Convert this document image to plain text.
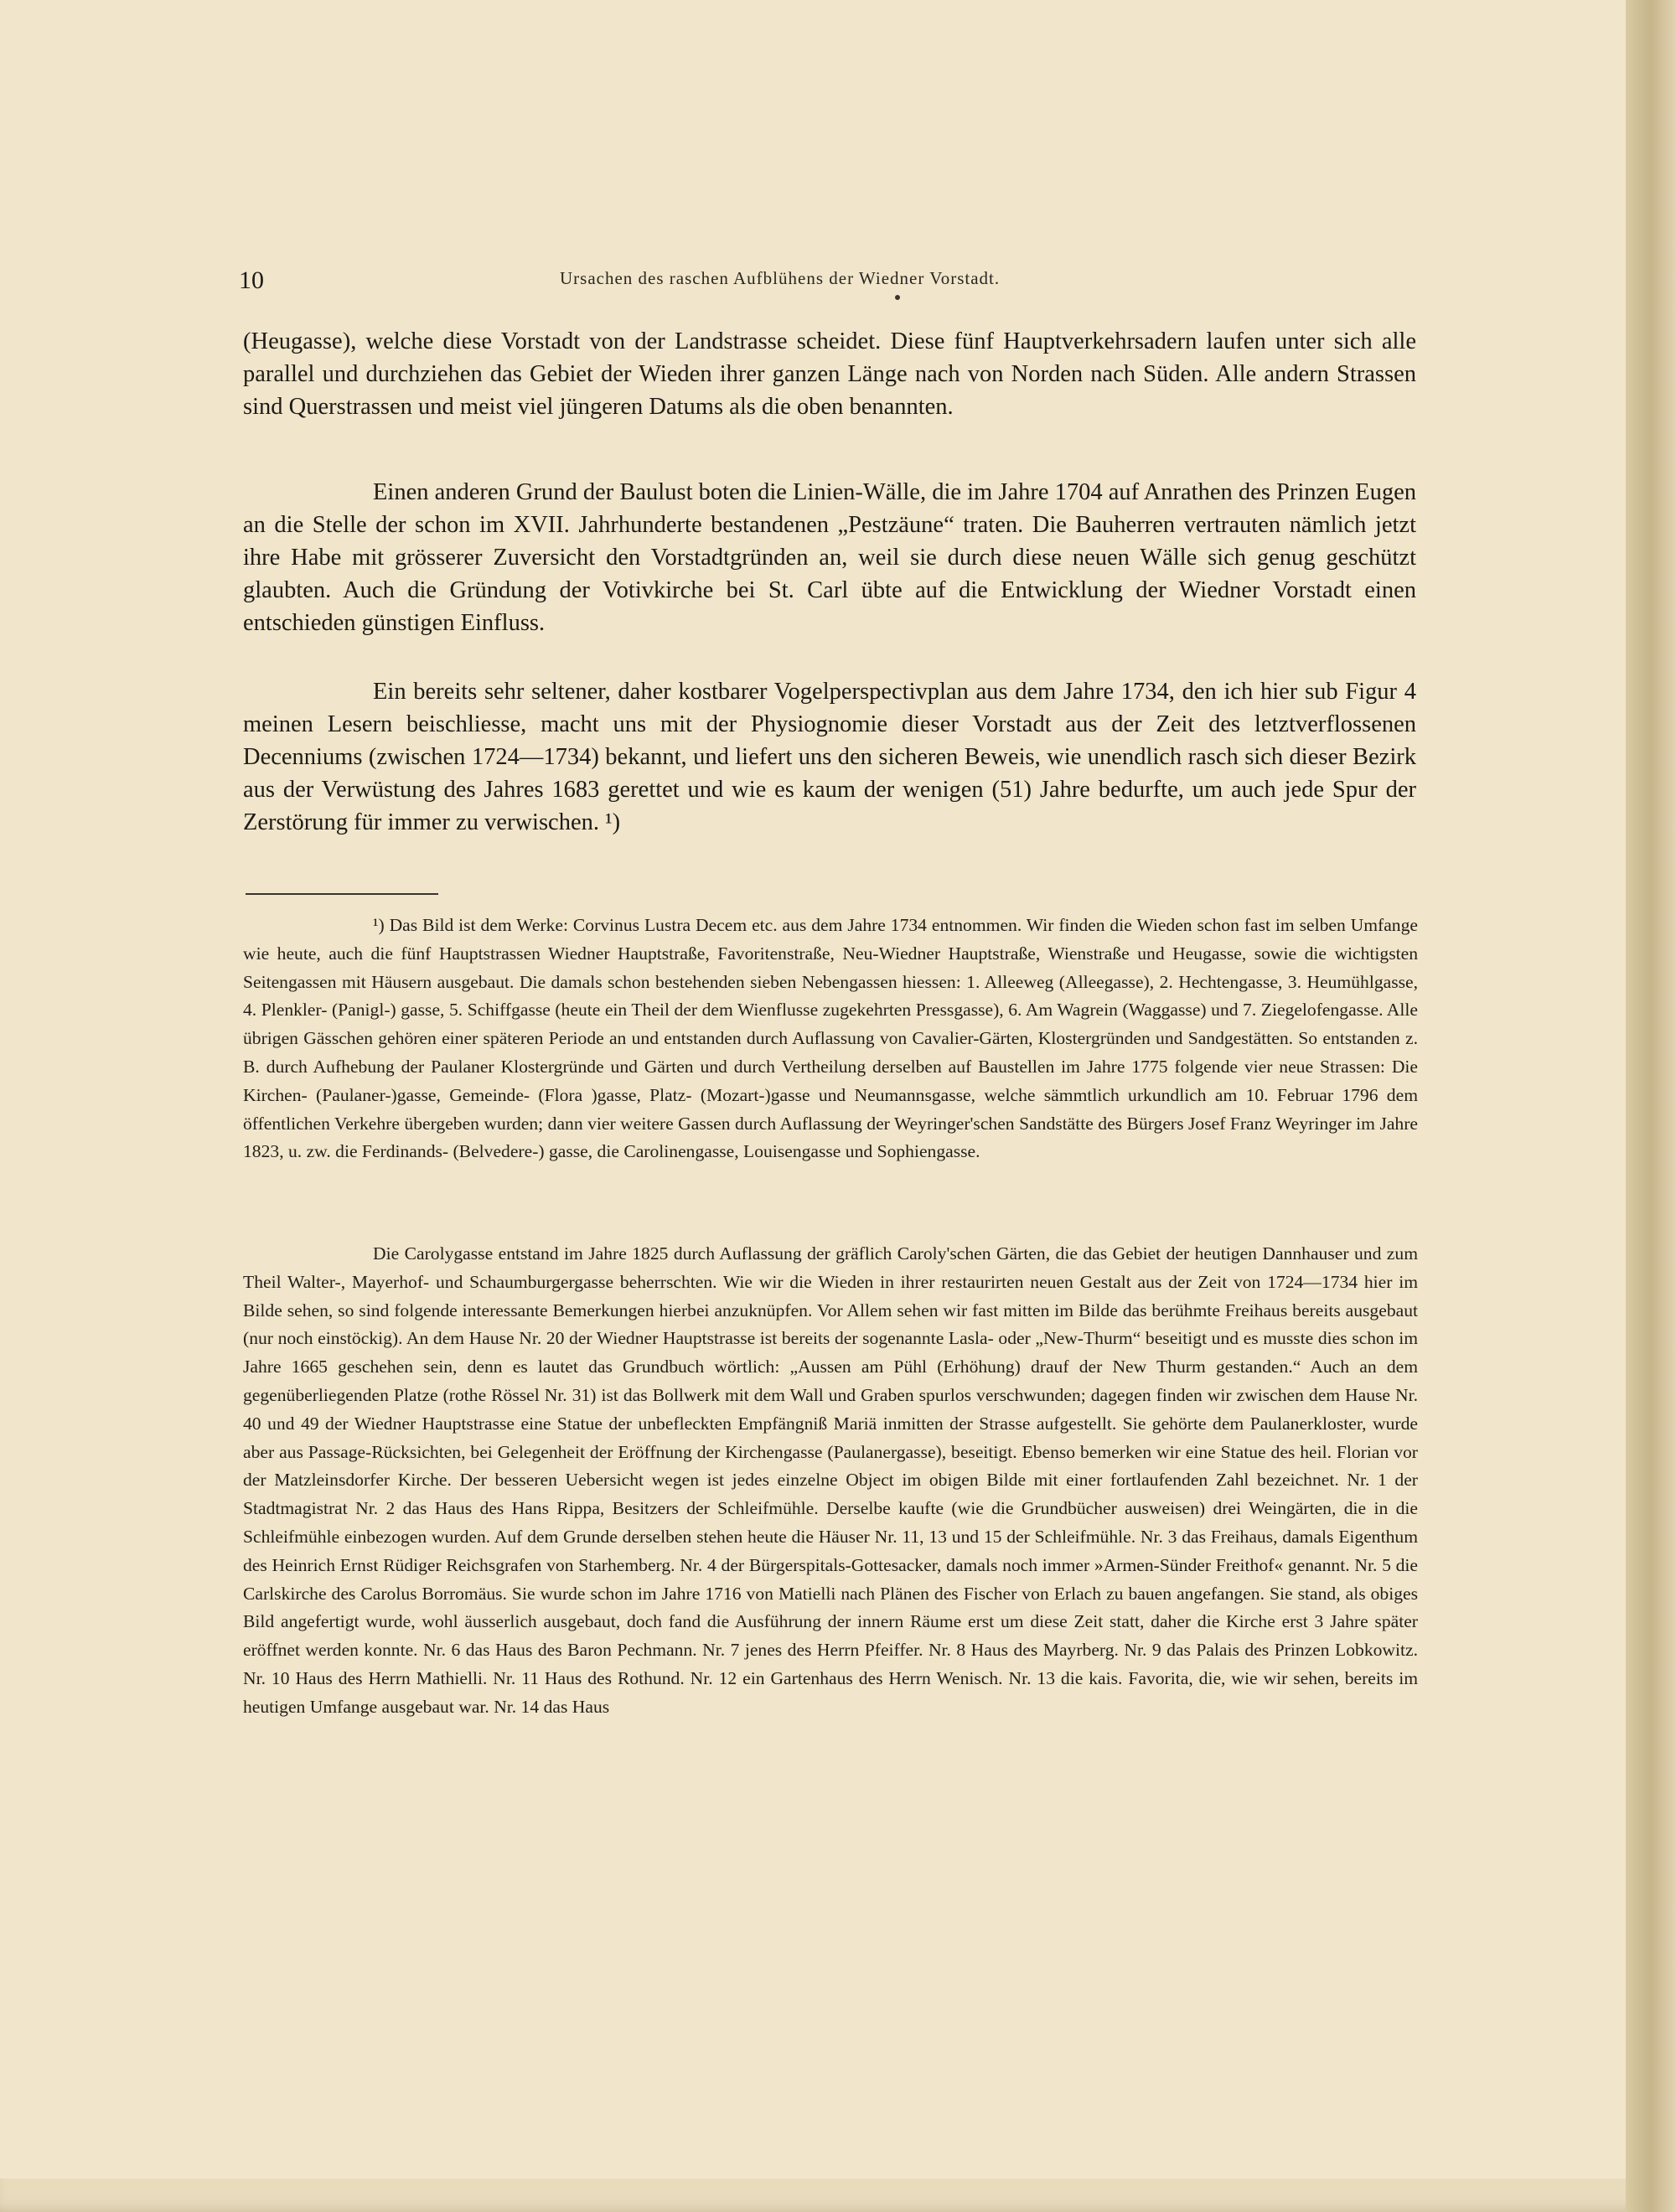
10	Ursachen des raschen Aufblühens der Wiedner Vorstadt.

(Heugasse), welche diese Vorstadt von der Landstrasse scheidet. Diese fünf Hauptverkehrsadern laufen unter sich alle parallel und durchziehen das Gebiet der Wieden ihrer ganzen Länge nach von Norden nach Süden. Alle andern Strassen sind Querstrassen und meist viel jüngeren Datums als die oben benannten.

Einen anderen Grund der Baulust boten die Linien-Wälle, die im Jahre 1704 auf Anrathen des Prinzen Eugen an die Stelle der schon im XVII. Jahrhunderte bestandenen „Pestzäune“ traten. Die Bauherren vertrauten nämlich jetzt ihre Habe mit grösserer Zuversicht den Vorstadtgründen an, weil sie durch diese neuen Wälle sich genug geschützt glaubten. Auch die Gründung der Votivkirche bei St. Carl übte auf die Entwicklung der Wiedner Vorstadt einen entschieden günstigen Einfluss.

Ein bereits sehr seltener, daher kostbarer Vogelperspectivplan aus dem Jahre 1734, den ich hier sub Figur 4 meinen Lesern beischliesse, macht uns mit der Physiognomie dieser Vorstadt aus der Zeit des letztverflossenen Decenniums (zwischen 1724—1734) bekannt, und liefert uns den sicheren Beweis, wie unendlich rasch sich dieser Bezirk aus der Verwüstung des Jahres 1683 gerettet und wie es kaum der wenigen (51) Jahre bedurfte, um auch jede Spur der Zerstörung für immer zu verwischen. ¹)

¹) Das Bild ist dem Werke: Corvinus Lustra Decem etc. aus dem Jahre 1734 entnommen. Wir finden die Wieden schon fast im selben Umfange wie heute, auch die fünf Hauptstrassen Wiedner Hauptstraße, Favoritenstraße, Neu-Wiedner Hauptstraße, Wienstraße und Heugasse, sowie die wichtigsten Seitengassen mit Häusern ausgebaut. Die damals schon bestehenden sieben Nebengassen hiessen: 1. Alleeweg (Alleegasse), 2. Hechtengasse, 3. Heumühlgasse, 4. Plenkler- (Panigl-) gasse, 5. Schiffgasse (heute ein Theil der dem Wienflusse zugekehrten Pressgasse), 6. Am Wagrein (Waggasse) und 7. Ziegelofengasse. Alle übrigen Gässchen gehören einer späteren Periode an und entstanden durch Auflassung von Cavalier-Gärten, Klostergründen und Sandgestätten. So entstanden z. B. durch Aufhebung der Paulaner Klostergründe und Gärten und durch Vertheilung derselben auf Baustellen im Jahre 1775 folgende vier neue Strassen: Die Kirchen- (Paulaner-)gasse, Gemeinde- (Flora )gasse, Platz- (Mozart-)gasse und Neumannsgasse, welche sämmtlich urkundlich am 10. Februar 1796 dem öffentlichen Verkehre übergeben wurden; dann vier weitere Gassen durch Auflassung der Weyringer'schen Sandstätte des Bürgers Josef Franz Weyringer im Jahre 1823, u. zw. die Ferdinands- (Belvedere-) gasse, die Carolinengasse, Louisengasse und Sophiengasse.

Die Carolygasse entstand im Jahre 1825 durch Auflassung der gräflich Caroly'schen Gärten, die das Gebiet der heutigen Dannhauser und zum Theil Walter-, Mayerhof- und Schaumburgergasse beherrschten. Wie wir die Wieden in ihrer restaurirten neuen Gestalt aus der Zeit von 1724—1734 hier im Bilde sehen, so sind folgende interessante Bemerkungen hierbei anzuknüpfen. Vor Allem sehen wir fast mitten im Bilde das berühmte Freihaus bereits ausgebaut (nur noch einstöckig). An dem Hause Nr. 20 der Wiedner Hauptstrasse ist bereits der sogenannte Lasla- oder „New-Thurm“ beseitigt und es musste dies schon im Jahre 1665 geschehen sein, denn es lautet das Grundbuch wörtlich: „Aussen am Pühl (Erhöhung) drauf der New Thurm gestanden.“ Auch an dem gegenüberliegenden Platze (rothe Rössel Nr. 31) ist das Bollwerk mit dem Wall und Graben spurlos verschwunden; dagegen finden wir zwischen dem Hause Nr. 40 und 49 der Wiedner Hauptstrasse eine Statue der unbefleckten Empfängniß Mariä inmitten der Strasse aufgestellt. Sie gehörte dem Paulanerkloster, wurde aber aus Passage-Rücksichten, bei Gelegenheit der Eröffnung der Kirchengasse (Paulanergasse), beseitigt. Ebenso bemerken wir eine Statue des heil. Florian vor der Matzleinsdorfer Kirche. Der besseren Uebersicht wegen ist jedes einzelne Object im obigen Bilde mit einer fortlaufenden Zahl bezeichnet. Nr. 1 der Stadtmagistrat Nr. 2 das Haus des Hans Rippa, Besitzers der Schleifmühle. Derselbe kaufte (wie die Grundbücher ausweisen) drei Weingärten, die in die Schleifmühle einbezogen wurden. Auf dem Grunde derselben stehen heute die Häuser Nr. 11, 13 und 15 der Schleifmühle. Nr. 3 das Freihaus, damals Eigenthum des Heinrich Ernst Rüdiger Reichsgrafen von Starhemberg. Nr. 4 der Bürgerspitals-Gottesacker, damals noch immer »Armen-Sünder Freithof« genannt. Nr. 5 die Carlskirche des Carolus Borromäus. Sie wurde schon im Jahre 1716 von Matielli nach Plänen des Fischer von Erlach zu bauen angefangen. Sie stand, als obiges Bild angefertigt wurde, wohl äusserlich ausgebaut, doch fand die Ausführung der innern Räume erst um diese Zeit statt, daher die Kirche erst 3 Jahre später eröffnet werden konnte. Nr. 6 das Haus des Baron Pechmann. Nr. 7 jenes des Herrn Pfeiffer. Nr. 8 Haus des Mayrberg. Nr. 9 das Palais des Prinzen Lobkowitz. Nr. 10 Haus des Herrn Mathielli. Nr. 11 Haus des Rothund. Nr. 12 ein Gartenhaus des Herrn Wenisch. Nr. 13 die kais. Favorita, die, wie wir sehen, bereits im heutigen Umfange ausgebaut war. Nr. 14 das Haus
